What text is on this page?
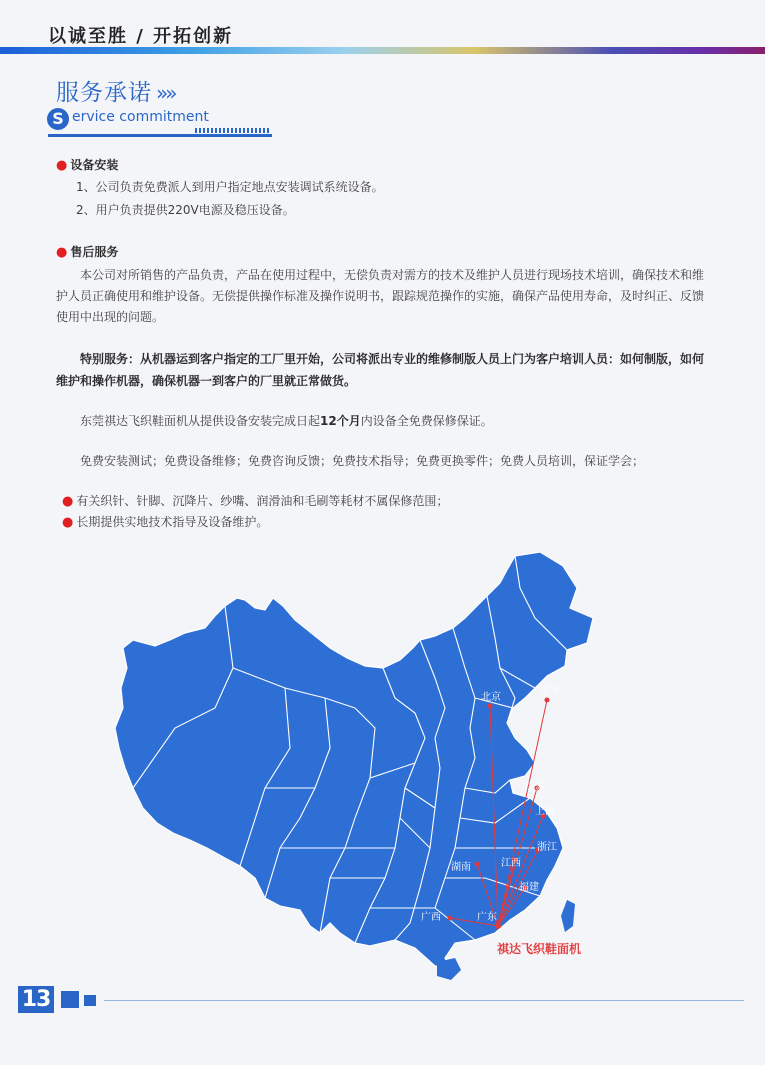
以诚至胜 / 开拓创新
服务承诺 »»
S ervice commitment
● 设备安装
1、公司负责免费派人到用户指定地点安装调试系统设备。
2、用户负责提供220V电源及稳压设备。
● 售后服务
本公司对所销售的产品负责，产品在使用过程中，无偿负责对需方的技术及维护人员进行现场技术培训，确保技术和维护人员正确使用和维护设备。无偿提供操作标准及操作说明书，跟踪规范操作的实施，确保产品使用寿命，及时纠正、反馈使用中出现的问题。
特别服务：从机器运到客户指定的工厂里开始，公司将派出专业的维修制版人员上门为客户培训人员：如何制版，如何维护和操作机器，确保机器一到客户的厂里就正常做货。
东莞祺达飞织鞋面机从提供设备安装完成日起12个月内设备全免费保修保证。
免费安装测试；免费设备维修；免费咨询反馈；免费技术指导；免费更换零件；免费人员培训，保证学会；
● 有关织针、针脚、沉降片、纱嘴、润滑油和毛刷等耗材不属保修范围；
● 长期提供实地技术指导及设备维护。
辽宁
北京
江苏
上海
浙江
江西
湖南
福建
广西	广东
祺达飞织鞋面机
13
